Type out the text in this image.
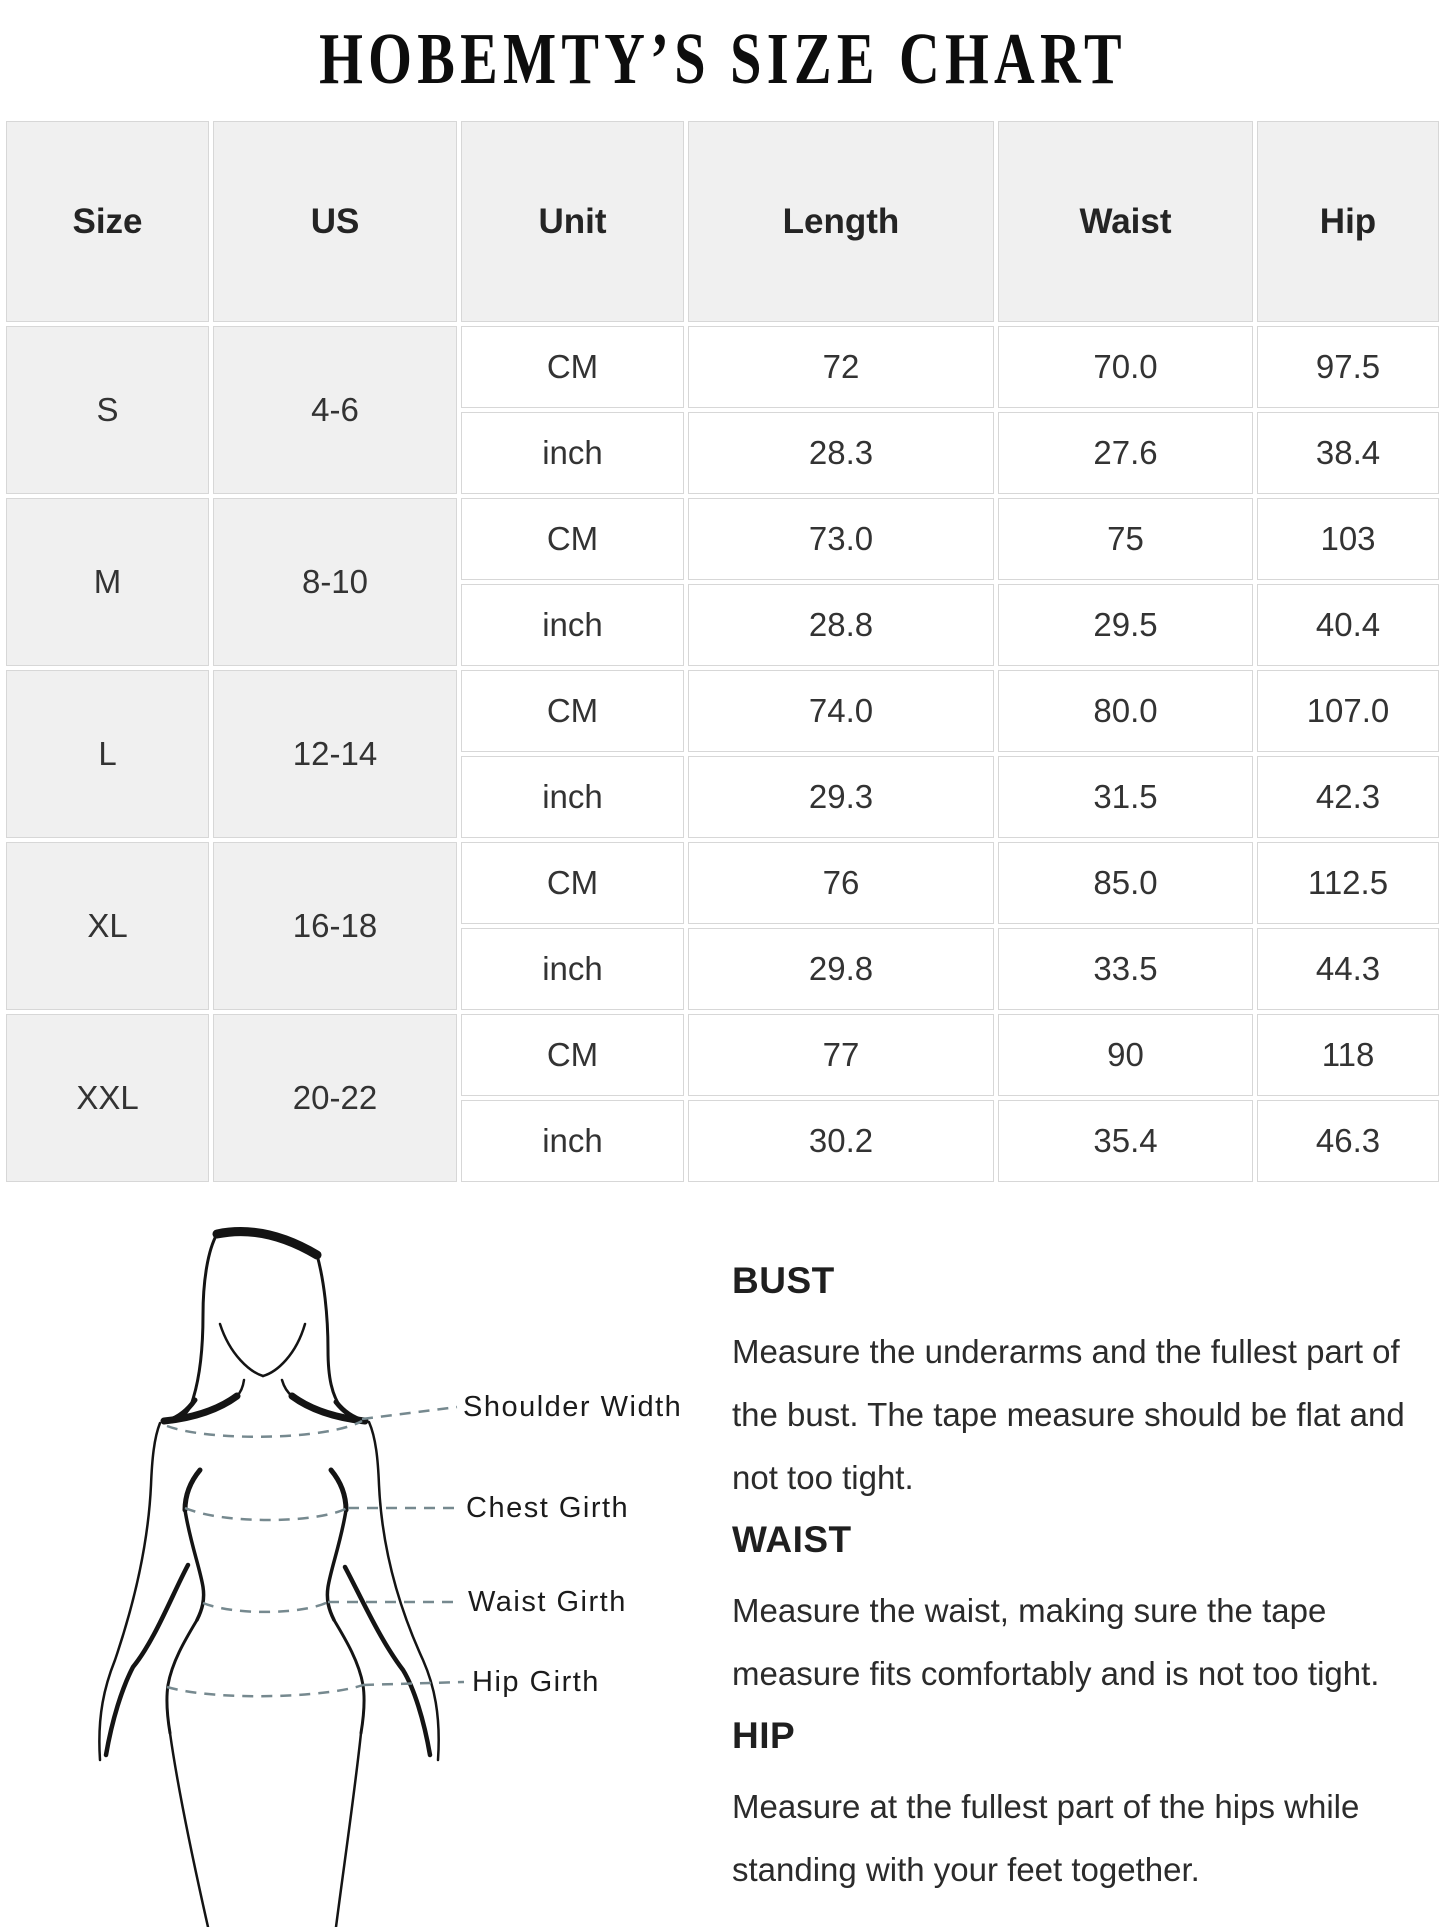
HOBEMTY’S SIZE CHART
Size	US	Unit	Length	Waist	Hip
S	4-6	CM	72	70.0	97.5
		inch	28.3	27.6	38.4
M	8-10	CM	73.0	75	103
		inch	28.8	29.5	40.4
L	12-14	CM	74.0	80.0	107.0
		inch	29.3	31.5	42.3
XL	16-18	CM	76	85.0	112.5
		inch	29.8	33.5	44.3
XXL	20-22	CM	77	90	118
		inch	30.2	35.4	46.3
Shoulder Width
Chest Girth
Waist Girth
Hip Girth
BUST
Measure the underarms and the fullest part of
the bust. The tape measure should be flat and
not too tight.
WAIST
Measure the waist, making sure the tape
measure fits comfortably and is not too tight.
HIP
Measure at the fullest part of the hips while
standing with your feet together.
